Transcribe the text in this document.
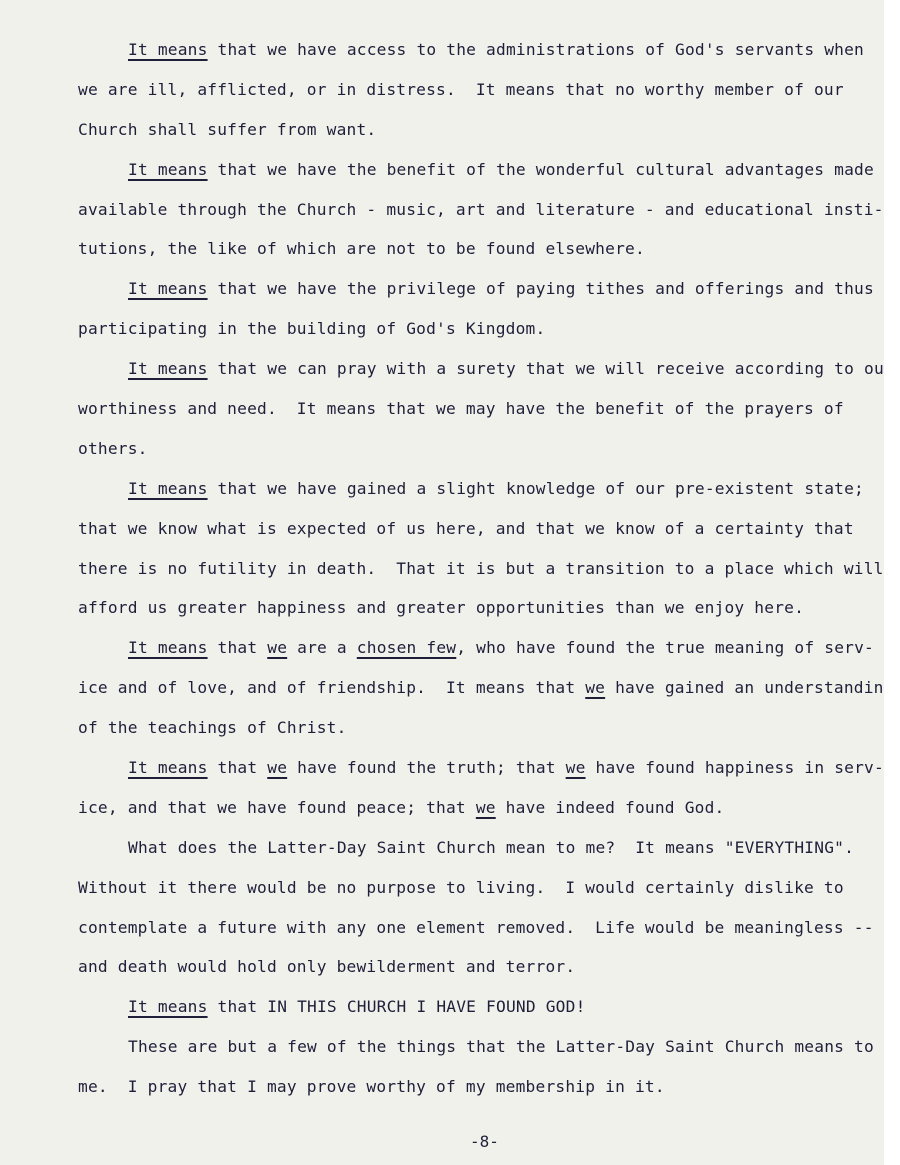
It means that we have access to the administrations of God's servants when
we are ill, afflicted, or in distress.  It means that no worthy member of our
Church shall suffer from want.
It means that we have the benefit of the wonderful cultural advantages made
available through the Church - music, art and literature - and educational insti-
tutions, the like of which are not to be found elsewhere.
It means that we have the privilege of paying tithes and offerings and thus
participating in the building of God's Kingdom.
It means that we can pray with a surety that we will receive according to ou
worthiness and need.  It means that we may have the benefit of the prayers of
others.
It means that we have gained a slight knowledge of our pre-existent state;
that we know what is expected of us here, and that we know of a certainty that
there is no futility in death.  That it is but a transition to a place which will
afford us greater happiness and greater opportunities than we enjoy here.
It means that we are a chosen few, who have found the true meaning of serv-
ice and of love, and of friendship.  It means that we have gained an understandin
of the teachings of Christ.
It means that we have found the truth; that we have found happiness in serv-
ice, and that we have found peace; that we have indeed found God.
What does the Latter-Day Saint Church mean to me?  It means "EVERYTHING".
Without it there would be no purpose to living.  I would certainly dislike to
contemplate a future with any one element removed.  Life would be meaningless --
and death would hold only bewilderment and terror.
It means that IN THIS CHURCH I HAVE FOUND GOD!
These are but a few of the things that the Latter-Day Saint Church means to
me.  I pray that I may prove worthy of my membership in it.
-8-
